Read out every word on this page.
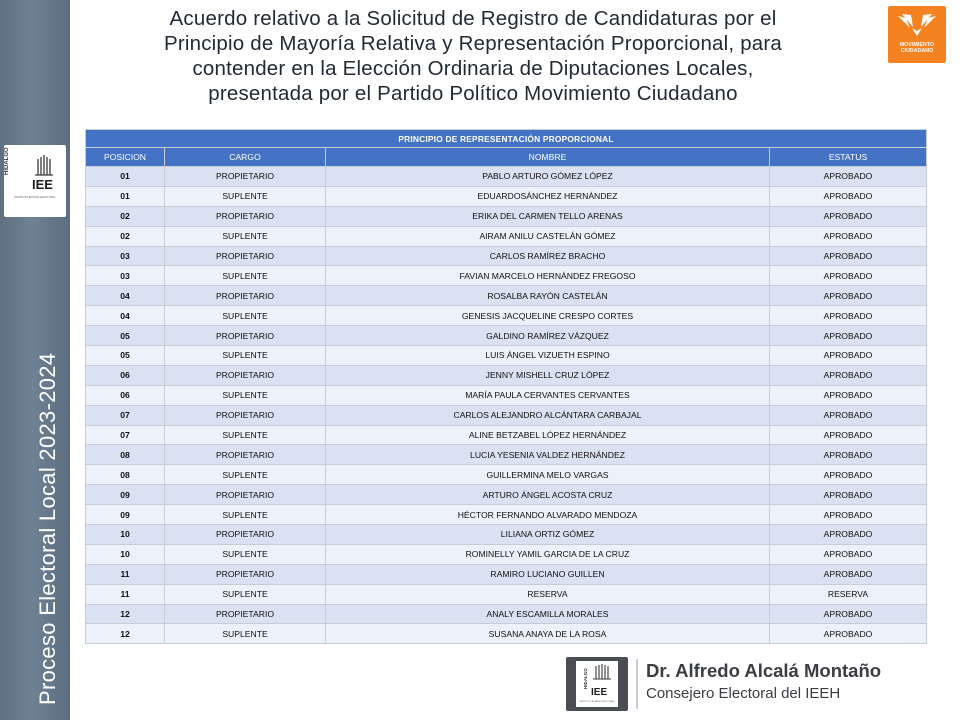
HIDALGO
IEE
INSTITUTO ESTATAL ELECTORAL
Proceso Electoral Local 2023-2024
Acuerdo relativo a la Solicitud de Registro de Candidaturas por el
Principio de Mayoría Relativa y Representación Proporcional, para
contender en la Elección Ordinaria de Diputaciones Locales,
presentada por el Partido Político Movimiento Ciudadano
MOVIMIENTO
CIUDADANO
PRINCIPIO DE REPRESENTACIÓN PROPORCIONAL			
POSICION	CARGO	NOMBRE	ESTATUS
01	PROPIETARIO	PABLO ARTURO GÓMEZ LÓPEZ	APROBADO
01	SUPLENTE	EDUARDOSÁNCHEZ HERNÁNDEZ	APROBADO
02	PROPIETARIO	ERIKA DEL CARMEN TELLO ARENAS	APROBADO
02	SUPLENTE	AIRAM ANILU CASTELÁN GÓMEZ	APROBADO
03	PROPIETARIO	CARLOS RAMÍREZ BRACHO	APROBADO
03	SUPLENTE	FAVIAN MARCELO HERNÁNDEZ FREGOSO	APROBADO
04	PROPIETARIO	ROSALBA RAYÓN CASTELÁN	APROBADO
04	SUPLENTE	GENESIS JACQUELINE CRESPO CORTES	APROBADO
05	PROPIETARIO	GALDINO RAMÍREZ VÁZQUEZ	APROBADO
05	SUPLENTE	LUIS ÁNGEL VIZUETH ESPINO	APROBADO
06	PROPIETARIO	JENNY MISHELL CRUZ LÓPEZ	APROBADO
06	SUPLENTE	MARÍA PAULA CERVANTES CERVANTES	APROBADO
07	PROPIETARIO	CARLOS ALEJANDRO ALCÁNTARA CARBAJAL	APROBADO
07	SUPLENTE	ALINE BETZABEL LÓPEZ HERNÁNDEZ	APROBADO
08	PROPIETARIO	LUCIA YESENIA VALDEZ HERNÁNDEZ	APROBADO
08	SUPLENTE	GUILLERMINA MELO VARGAS	APROBADO
09	PROPIETARIO	ARTURO ÁNGEL ACOSTA CRUZ	APROBADO
09	SUPLENTE	HÉCTOR FERNANDO ALVARADO MENDOZA	APROBADO
10	PROPIETARIO	LILIANA ORTIZ GÓMEZ	APROBADO
10	SUPLENTE	ROMINELLY YAMIL GARCIA DE LA CRUZ	APROBADO
11	PROPIETARIO	RAMIRO LUCIANO GUILLEN	APROBADO
11	SUPLENTE	RESERVA	RESERVA
12	PROPIETARIO	ANALY ESCAMILLA MORALES	APROBADO
12	SUPLENTE	SUSANA ANAYA DE LA ROSA	APROBADO
HIDALGO
IEE
INSTITUTO ESTATAL ELECTORAL
Dr. Alfredo Alcalá Montaño
Consejero Electoral del IEEH
